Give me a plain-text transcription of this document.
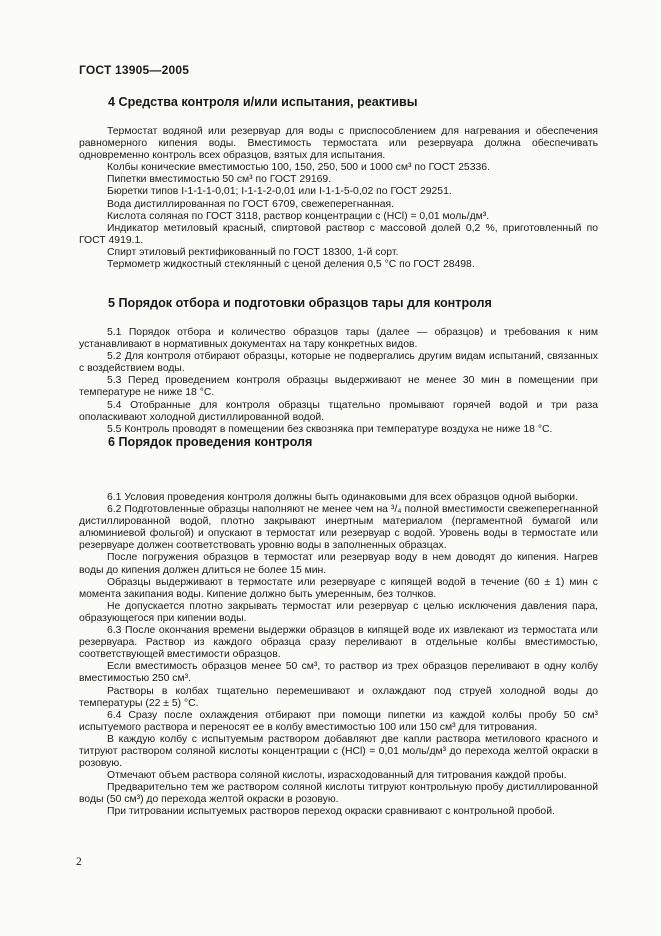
ГОСТ 13905—2005
4 Средства контроля и/или испытания, реактивы

Термостат водяной или резервуар для воды с приспособлением для нагревания и обеспечения равномерного кипения воды. Вместимость термостата или резервуара должна обеспечивать одновременно контроль всех образцов, взятых для испытания.

Колбы конические вместимостью 100, 150, 250, 500 и 1000 см³ по ГОСТ 25336.

Пипетки вместимостью 50 см³ по ГОСТ 29169.

Бюретки типов I-1-1-1-0,01; I-1-1-2-0,01 или I-1-1-5-0,02 по ГОСТ 29251.

Вода дистиллированная по ГОСТ 6709, свежеперегнанная.

Кислота соляная по ГОСТ 3118, раствор концентрации с (HCl) = 0,01 моль/дм³.

Индикатор метиловый красный, спиртовой раствор с массовой долей 0,2 %, приготовленный по ГОСТ 4919.1.

Спирт этиловый ректификованный по ГОСТ 18300, 1-й сорт.

Термометр жидкостный стеклянный с ценой деления 0,5 °С по ГОСТ 28498.

5 Порядок отбора и подготовки образцов тары для контроля

5.1 Порядок отбора и количество образцов тары (далее — образцов) и требования к ним устанавливают в нормативных документах на тару конкретных видов.

5.2 Для контроля отбирают образцы, которые не подвергались другим видам испытаний, связанных с воздействием воды.

5.3 Перед проведением контроля образцы выдерживают не менее 30 мин в помещении при температуре не ниже 18 °С.

5.4 Отобранные для контроля образцы тщательно промывают горячей водой и три раза ополаскивают холодной дистиллированной водой.

5.5 Контроль проводят в помещении без сквозняка при температуре воздуха не ниже 18 °С.

6 Порядок проведения контроля

6.1 Условия проведения контроля должны быть одинаковыми для всех образцов одной выборки.

6.2 Подготовленные образцы наполняют не менее чем на ³/₄ полной вместимости свежеперегнанной дистиллированной водой, плотно закрывают инертным материалом (пергаментной бумагой или алюминиевой фольгой) и опускают в термостат или резервуар с водой. Уровень воды в термостате или резервуаре должен соответствовать уровню воды в заполненных образцах.

После погружения образцов в термостат или резервуар воду в нем доводят до кипения. Нагрев воды до кипения должен длиться не более 15 мин.

Образцы выдерживают в термостате или резервуаре с кипящей водой в течение (60 ± 1) мин с момента закипания воды. Кипение должно быть умеренным, без толчков.

Не допускается плотно закрывать термостат или резервуар с целью исключения давления пара, образующегося при кипении воды.

6.3 После окончания времени выдержки образцов в кипящей воде их извлекают из термостата или резервуара. Раствор из каждого образца сразу переливают в отдельные колбы вместимостью, соответствующей вместимости образцов.

Если вместимость образцов менее 50 см³, то раствор из трех образцов переливают в одну колбу вместимостью 250 см³.

Растворы в колбах тщательно перемешивают и охлаждают под струей холодной воды до температуры (22 ± 5) °С.

6.4 Сразу после охлаждения отбирают при помощи пипетки из каждой колбы пробу 50 см³ испытуемого раствора и переносят ее в колбу вместимостью 100 или 150 см³ для титрования.

В каждую колбу с испытуемым раствором добавляют две капли раствора метилового красного и титруют раствором соляной кислоты концентрации с (HCl) = 0,01 моль/дм³ до перехода желтой окраски в розовую.

Отмечают объем раствора соляной кислоты, израсходованный для титрования каждой пробы.

Предварительно тем же раствором соляной кислоты титруют контрольную пробу дистиллированной воды (50 см³) до перехода желтой окраски в розовую.

При титровании испытуемых растворов переход окраски сравнивают с контрольной пробой.

2
